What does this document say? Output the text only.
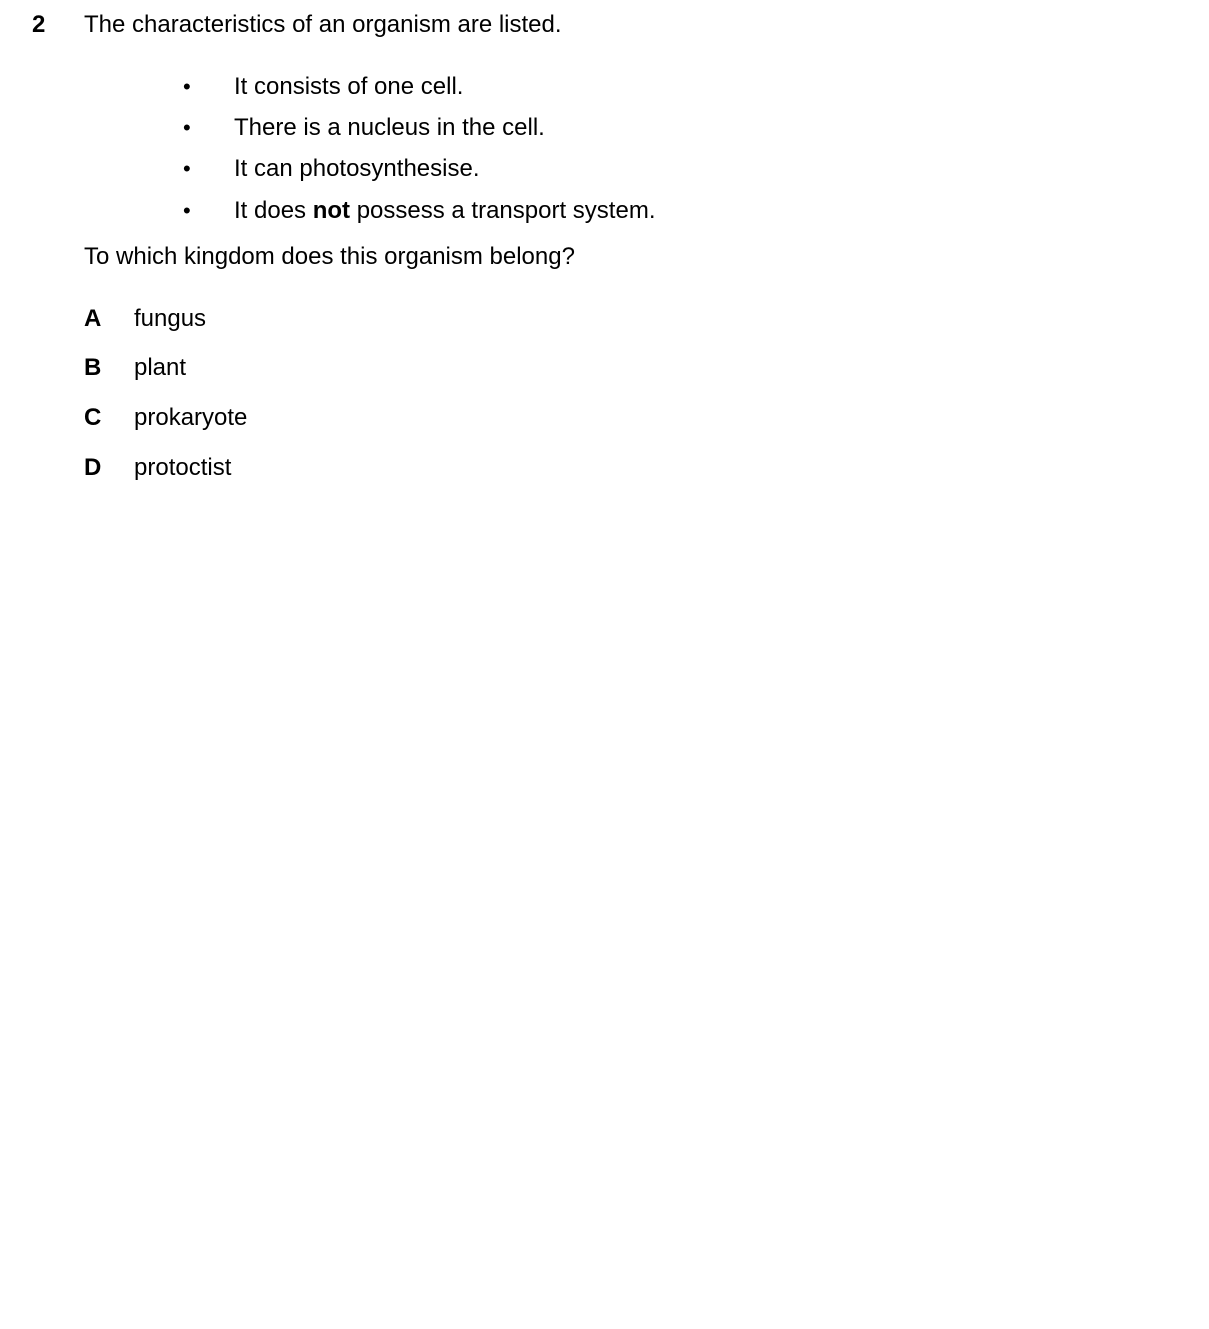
2 The characteristics of an organism are listed.
• It consists of one cell.
• There is a nucleus in the cell.
• It can photosynthesise.
• It does not possess a transport system.
To which kingdom does this organism belong?
A fungus
B plant
C prokaryote
D protoctist
